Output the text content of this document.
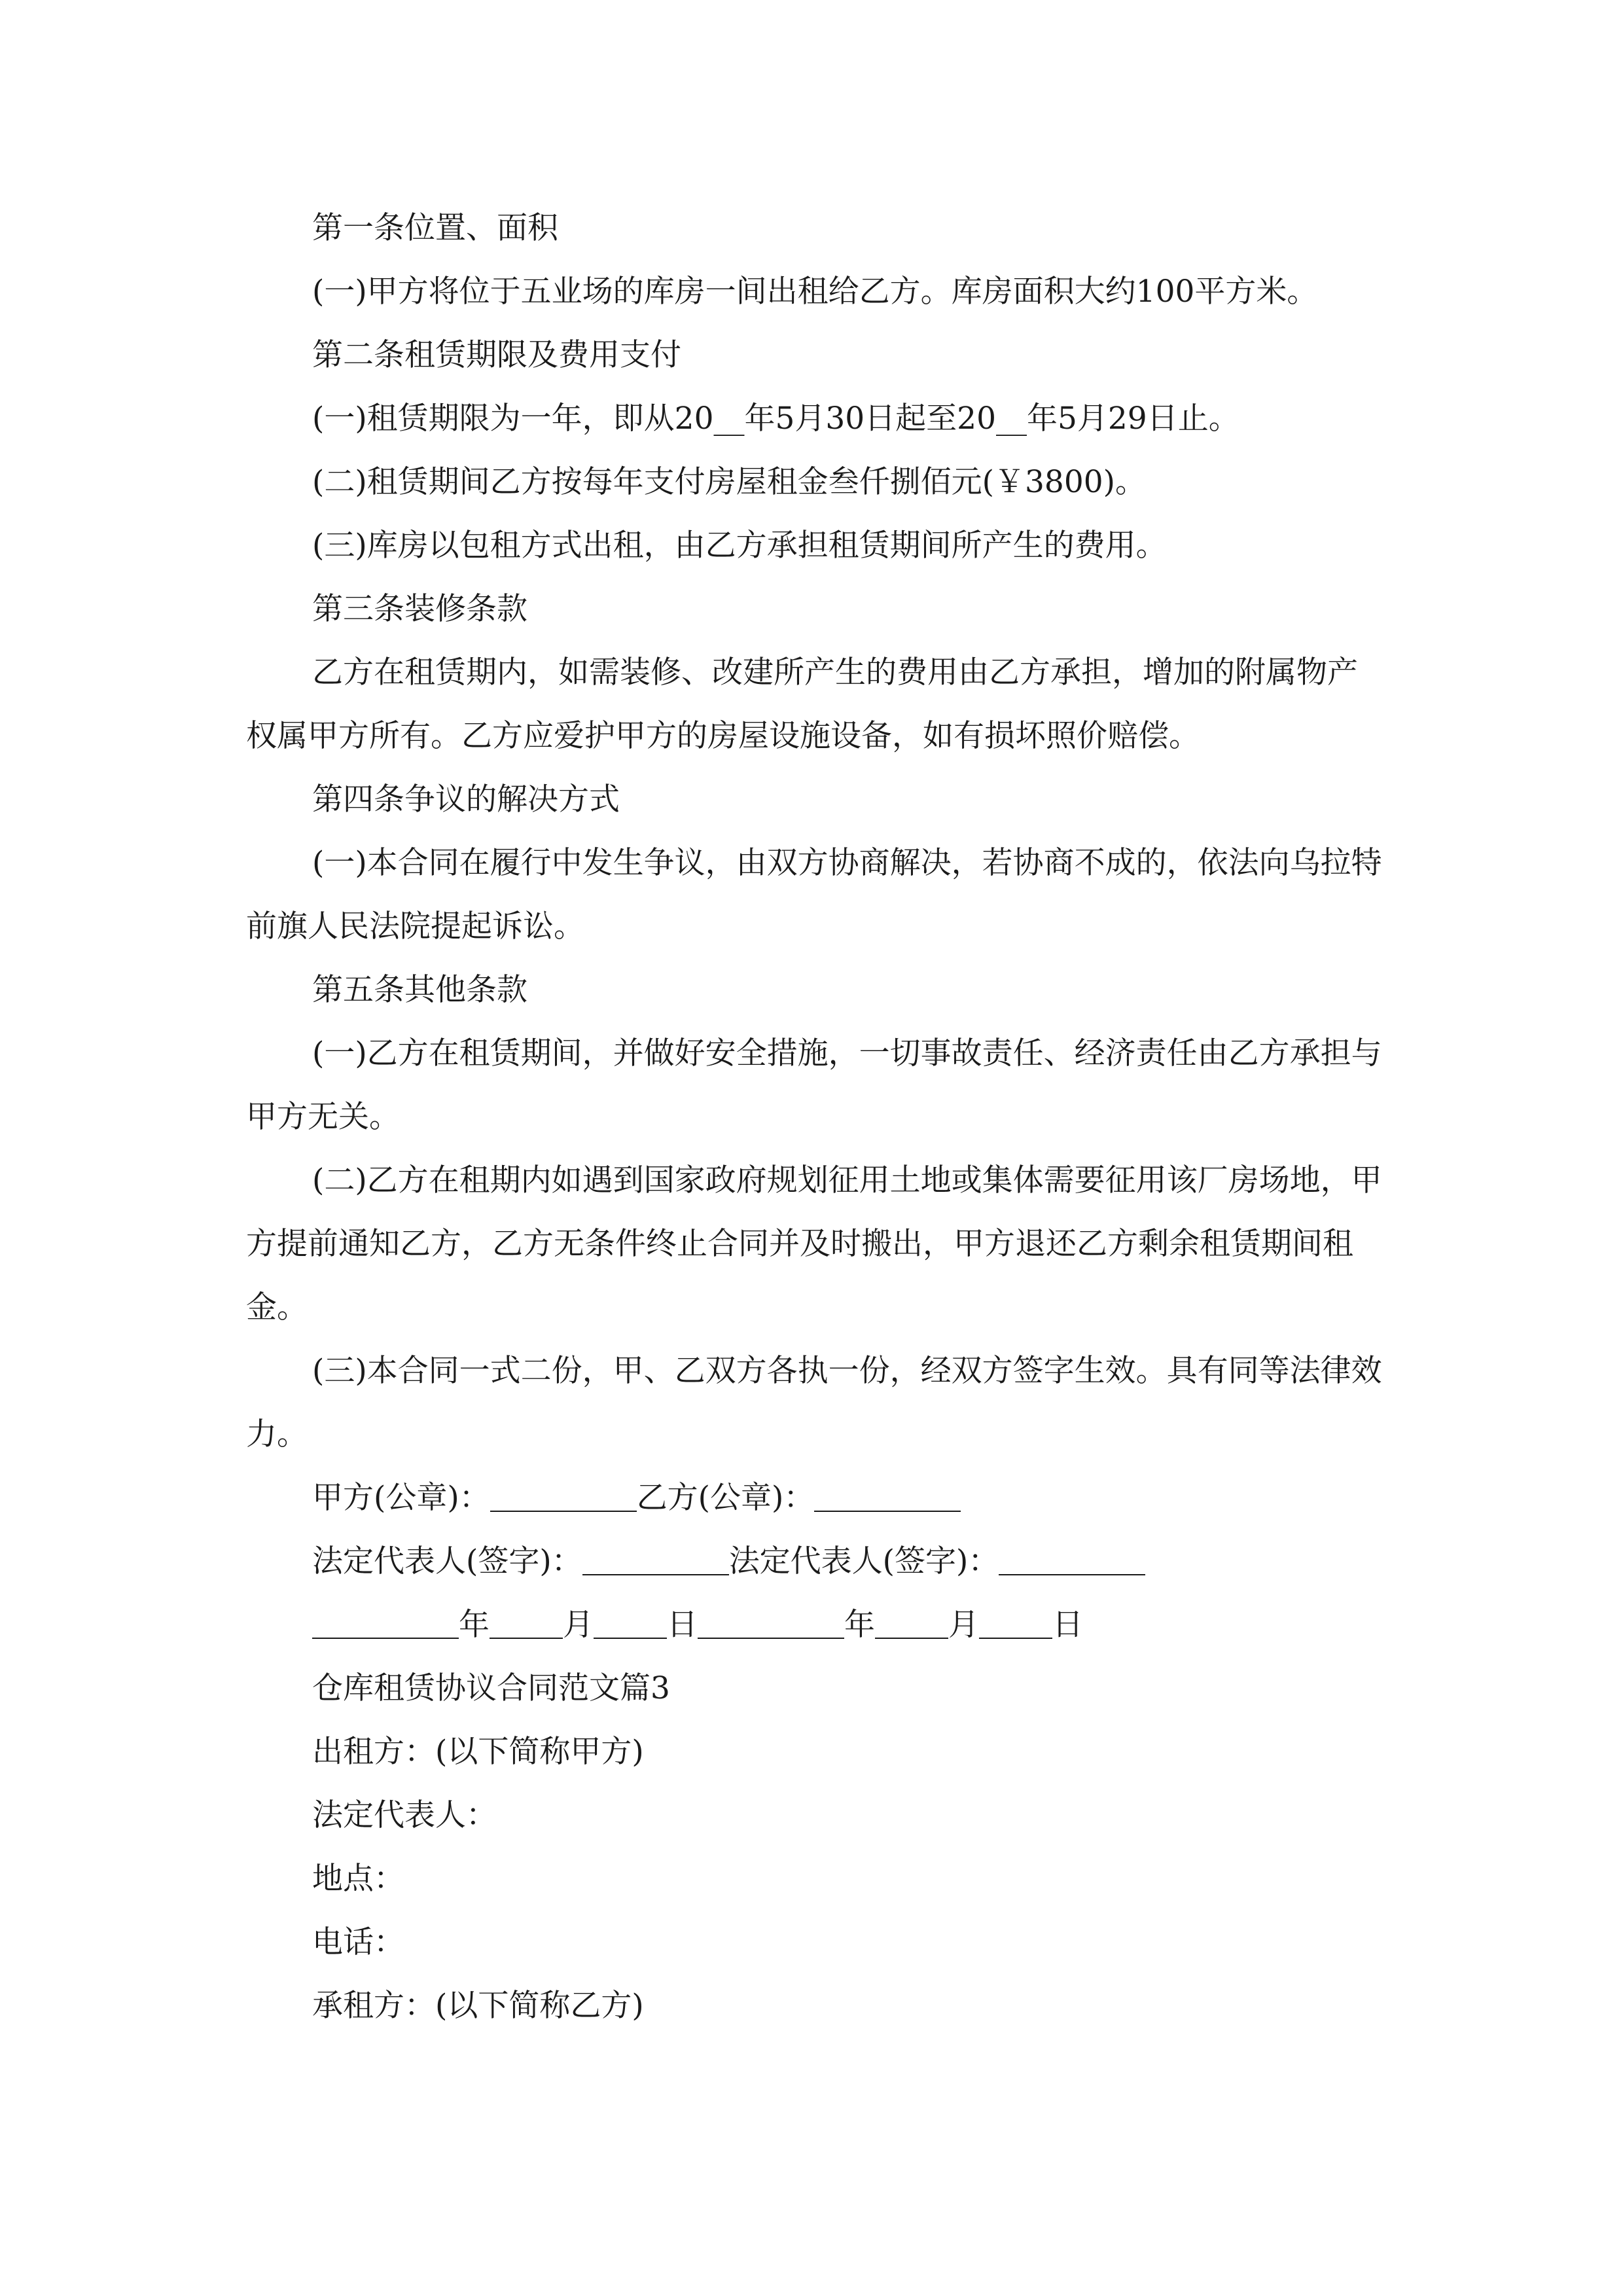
第一条位置、面积

(一)甲方将位于五业场的库房一间出租给乙方。库房面积大约100平方米。

第二条租赁期限及费用支付

(一)租赁期限为一年，即从20__年5月30日起至20__年5月29日止。

(二)租赁期间乙方按每年支付房屋租金叁仟捌佰元(￥3800)。

(三)库房以包租方式出租，由乙方承担租赁期间所产生的费用。

第三条装修条款

乙方在租赁期内，如需装修、改建所产生的费用由乙方承担，增加的附属物产权属甲方所有。乙方应爱护甲方的房屋设施设备，如有损坏照价赔偿。

第四条争议的解决方式

(一)本合同在履行中发生争议，由双方协商解决，若协商不成的，依法向乌拉特前旗人民法院提起诉讼。

第五条其他条款

(一)乙方在租赁期间，并做好安全措施，一切事故责任、经济责任由乙方承担与甲方无关。

(二)乙方在租期内如遇到国家政府规划征用土地或集体需要征用该厂房场地，甲方提前通知乙方，乙方无条件终止合同并及时搬出，甲方退还乙方剩余租赁期间租金。

(三)本合同一式二份，甲、乙双方各执一份，经双方签字生效。具有同等法律效力。

甲方(公章)：	乙方(公章)：

法定代表人(签字)：	法定代表人(签字)：

年 月 日	年 月 日

仓库租赁协议合同范文篇3

出租方：(以下简称甲方)

法定代表人：

地点：

电话：

承租方：(以下简称乙方)
